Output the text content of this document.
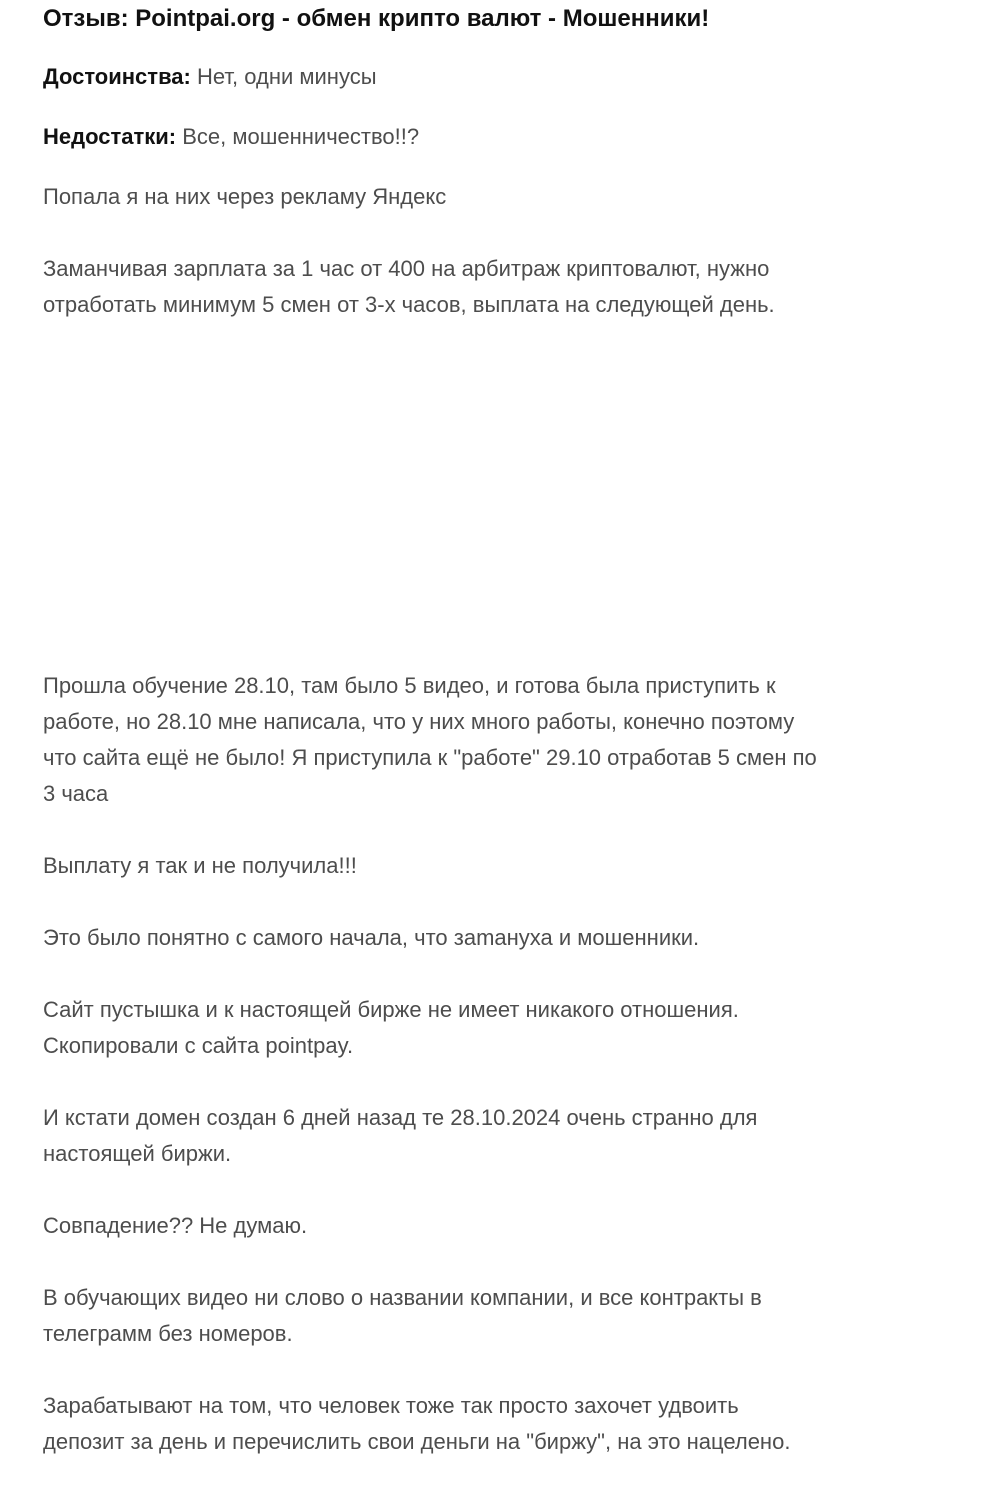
Отзыв: Pointpai.org - обмен крипто валют - Мошенники!

Достоинства: Нет, одни минусы

Недостатки: Все, мошенничество!!?

Попала я на них через рекламу Яндекс

Заманчивая зарплата за 1 час от 400 на арбитраж криптовалют, нужно
отработать минимум 5 смен от 3-х часов, выплата на следующей день.

Прошла обучение 28.10, там было 5 видео, и готова была приступить к
работе, но 28.10 мне написала, что у них много работы, конечно поэтому
что сайта ещё не было! Я приступила к "работе" 29.10 отработав 5 смен по
3 часа

Выплату я так и не получила!!!

Это было понятно с самого начала, что заmануха и мошенники.

Сайт пустышка и к настоящей бирже не имеет никакого отношения.
Скопировали с сайта pointpay.

И кстати домен создан 6 дней назад те 28.10.2024 очень странно для
настоящей биржи.

Совпадение?? Не думаю.

В обучающих видео ни слово о названии компании, и все контракты в
телеграмм без номеров.

Зарабатывают на том, что человек тоже так просто захочет удвоить
депозит за день и перечислить свои деньги на "биржу", на это нацелено.
